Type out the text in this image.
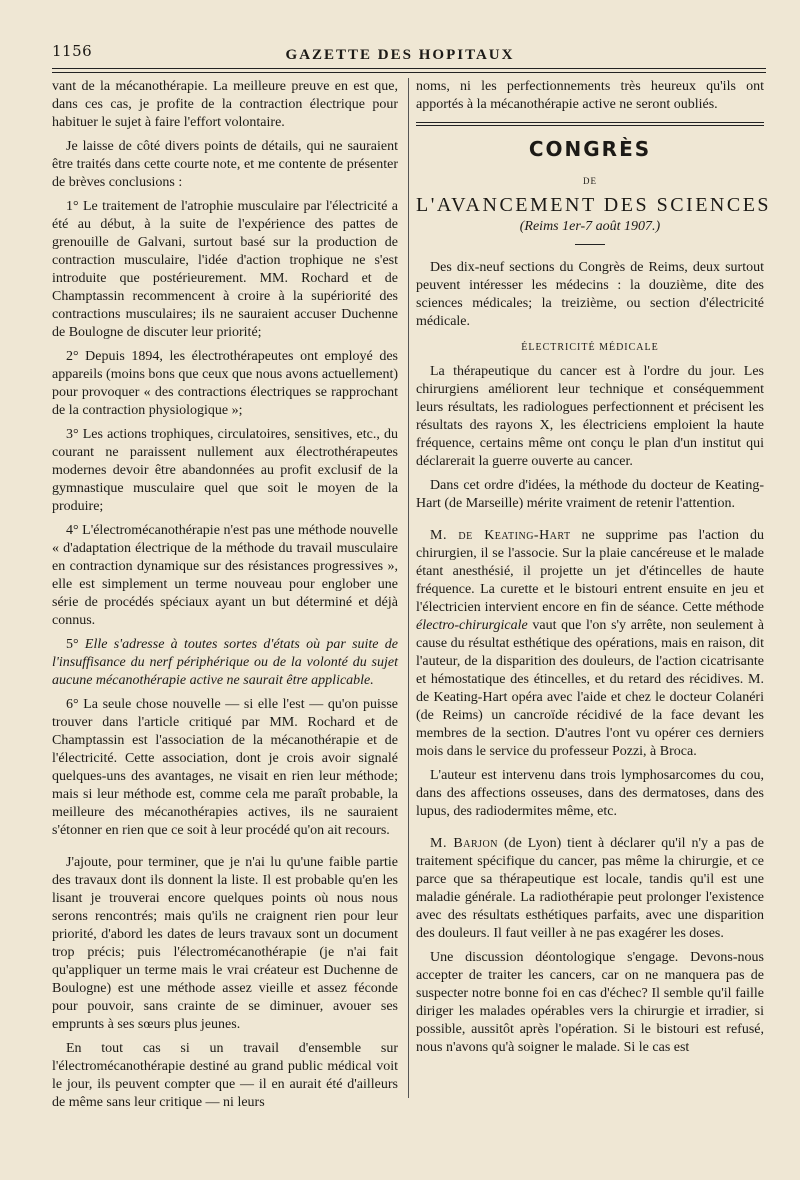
1156	GAZETTE DES HOPITAUX

vant de la mécanothérapie. La meilleure preuve en est que, dans ces cas, je profite de la contraction électrique pour habituer le sujet à faire l'effort volontaire.

Je laisse de côté divers points de détails, qui ne sauraient être traités dans cette courte note, et me contente de présenter de brèves conclusions :

1° Le traitement de l'atrophie musculaire par l'électricité a été au début, à la suite de l'expérience des pattes de grenouille de Galvani, surtout basé sur la production de contraction musculaire, l'idée d'action trophique ne s'est introduite que postérieurement. MM. Rochard et de Champtassin recommencent à croire à la supériorité des contractions musculaires; ils ne sauraient accuser Duchenne de Boulogne de discuter leur priorité;

2° Depuis 1894, les électrothérapeutes ont employé des appareils (moins bons que ceux que nous avons actuellement) pour provoquer « des contractions électriques se rapprochant de la contraction physiologique »;

3° Les actions trophiques, circulatoires, sensitives, etc., du courant ne paraissent nullement aux électrothérapeutes modernes devoir être abandonnées au profit exclusif de la gymnastique musculaire quel que soit le moyen de la produire;

4° L'électromécanothérapie n'est pas une méthode nouvelle « d'adaptation électrique de la méthode du travail musculaire en contraction dynamique sur des résistances progressives », elle est simplement un terme nouveau pour englober une série de procédés spéciaux ayant un but déterminé et déjà connus.

5° Elle s'adresse à toutes sortes d'états où par suite de l'insuffisance du nerf périphérique ou de la volonté du sujet aucune mécanothérapie active ne saurait être applicable.

6° La seule chose nouvelle — si elle l'est — qu'on puisse trouver dans l'article critiqué par MM. Rochard et de Champtassin est l'association de la mécanothérapie et de l'électricité. Cette association, dont je crois avoir signalé quelques-uns des avantages, ne visait en rien leur méthode; mais si leur méthode est, comme cela me paraît probable, la meilleure des mécanothérapies actives, ils ne sauraient s'étonner en rien que ce soit à leur procédé qu'on ait recours.

J'ajoute, pour terminer, que je n'ai lu qu'une faible partie des travaux dont ils donnent la liste. Il est probable qu'en les lisant je trouverai encore quelques points où nous nous serons rencontrés; mais qu'ils ne craignent rien pour leur priorité, d'abord les dates de leurs travaux sont un document trop précis; puis l'électromécanothérapie (je n'ai fait qu'appliquer un terme mais le vrai créateur est Duchenne de Boulogne) est une méthode assez vieille et assez féconde pour pouvoir, sans crainte de se diminuer, avouer ses emprunts à ses sœurs plus jeunes.

En tout cas si un travail d'ensemble sur l'électromécanothérapie destiné au grand public médical voit le jour, ils peuvent compter que — il en aurait été d'ailleurs de même sans leur critique — ni leurs

noms, ni les perfectionnements très heureux qu'ils ont apportés à la mécanothérapie active ne seront oubliés.

CONGRÈS
DE
L'AVANCEMENT DES SCIENCES
(Reims 1er-7 août 1907.)

Des dix-neuf sections du Congrès de Reims, deux surtout peuvent intéresser les médecins : la douzième, dite des sciences médicales; la treizième, ou section d'électricité médicale.

ÉLECTRICITÉ MÉDICALE

La thérapeutique du cancer est à l'ordre du jour. Les chirurgiens améliorent leur technique et conséquemment leurs résultats, les radiologues perfectionnent et précisent les résultats des rayons X, les électriciens emploient la haute fréquence, certains même ont conçu le plan d'un institut qui déclarerait la guerre ouverte au cancer.

Dans cet ordre d'idées, la méthode du docteur de Keating-Hart (de Marseille) mérite vraiment de retenir l'attention.

M. de Keating-Hart ne supprime pas l'action du chirurgien, il se l'associe. Sur la plaie cancéreuse et le malade étant anesthésié, il projette un jet d'étincelles de haute fréquence. La curette et le bistouri entrent ensuite en jeu et l'électricien intervient encore en fin de séance. Cette méthode électro-chirurgicale vaut que l'on s'y arrête, non seulement à cause du résultat esthétique des opérations, mais en raison, dit l'auteur, de la disparition des douleurs, de l'action cicatrisante et hémostatique des étincelles, et du retard des récidives. M. de Keating-Hart opéra avec l'aide et chez le docteur Colanéri (de Reims) un cancroïde récidivé de la face devant les membres de la section. D'autres l'ont vu opérer ces derniers mois dans le service du professeur Pozzi, à Broca.

L'auteur est intervenu dans trois lymphosarcomes du cou, dans des affections osseuses, dans des dermatoses, dans des lupus, des radiodermites même, etc.

M. Barjon (de Lyon) tient à déclarer qu'il n'y a pas de traitement spécifique du cancer, pas même la chirurgie, et ce parce que sa thérapeutique est locale, tandis qu'il est une maladie générale. La radiothérapie peut prolonger l'existence avec des résultats esthétiques parfaits, avec une disparition des douleurs. Il faut veiller à ne pas exagérer les doses.

Une discussion déontologique s'engage. Devons-nous accepter de traiter les cancers, car on ne manquera pas de suspecter notre bonne foi en cas d'échec? Il semble qu'il faille diriger les malades opérables vers la chirurgie et irradier, si possible, aussitôt après l'opération. Si le bistouri est refusé, nous n'avons qu'à soigner le malade. Si le cas est
